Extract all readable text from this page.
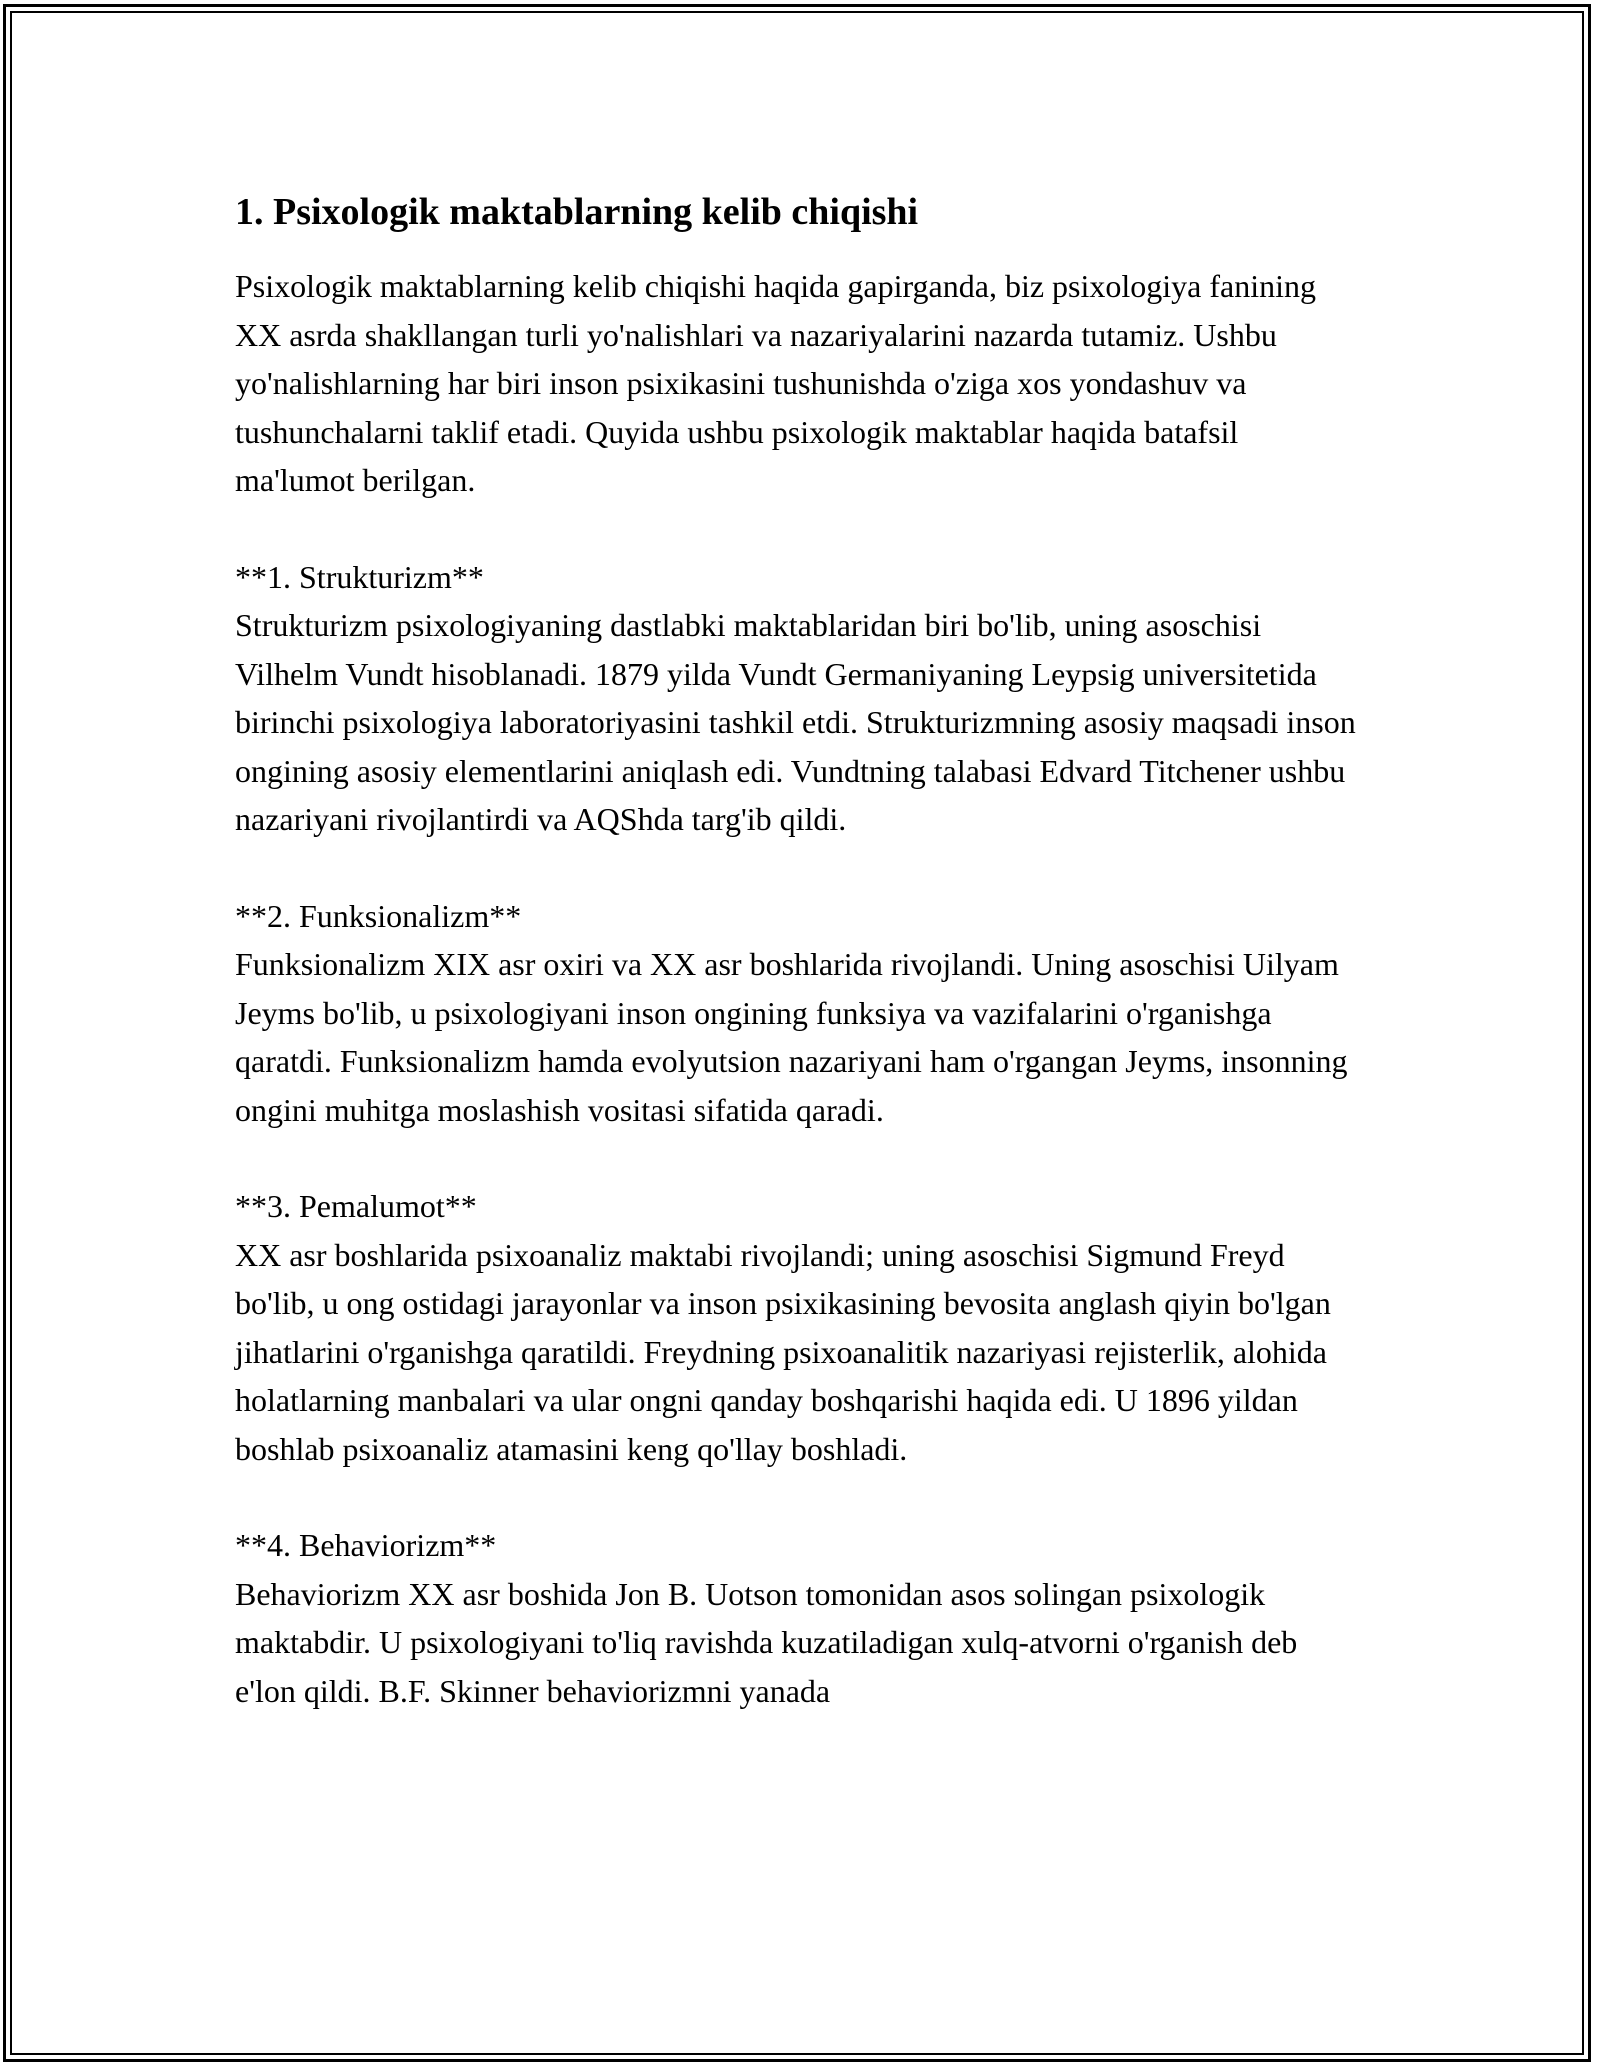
1. Psixologik maktablarning kelib chiqishi

Psixologik maktablarning kelib chiqishi haqida gapirganda, biz psixologiya fanining XX asrda shakllangan turli yo'nalishlari va nazariyalarini nazarda tutamiz. Ushbu yo'nalishlarning har biri inson psixikasini tushunishda o'ziga xos yondashuv va tushunchalarni taklif etadi. Quyida ushbu psixologik maktablar haqida batafsil ma'lumot berilgan.

**1. Strukturizm**

Strukturizm psixologiyaning dastlabki maktablaridan biri bo'lib, uning asoschisi Vilhelm Vundt hisoblanadi. 1879 yilda Vundt Germaniyaning Leypsig universitetida birinchi psixologiya laboratoriyasini tashkil etdi. Strukturizmning asosiy maqsadi inson ongining asosiy elementlarini aniqlash edi. Vundtning talabasi Edvard Titchener ushbu nazariyani rivojlantirdi va AQShda targ'ib qildi.

**2. Funksionalizm**

Funksionalizm XIX asr oxiri va XX asr boshlarida rivojlandi. Uning asoschisi Uilyam Jeyms bo'lib, u psixologiyani inson ongining funksiya va vazifalarini o'rganishga qaratdi. Funksionalizm hamda evolyutsion nazariyani ham o'rgangan Jeyms, insonning ongini muhitga moslashish vositasi sifatida qaradi.

**3. Pemalumot**

XX asr boshlarida psixoanaliz maktabi rivojlandi; uning asoschisi Sigmund Freyd bo'lib, u ong ostidagi jarayonlar va inson psixikasining bevosita anglash qiyin bo'lgan jihatlarini o'rganishga qaratildi. Freydning psixoanalitik nazariyasi rejisterlik, alohida holatlarning manbalari va ular ongni qanday boshqarishi haqida edi. U 1896 yildan boshlab psixoanaliz atamasini keng qo'llay boshladi.

**4. Behaviorizm**

Behaviorizm XX asr boshida Jon B. Uotson tomonidan asos solingan psixologik maktabdir. U psixologiyani to'liq ravishda kuzatiladigan xulq-atvorni o'rganish deb e'lon qildi. B.F. Skinner behaviorizmni yanada
